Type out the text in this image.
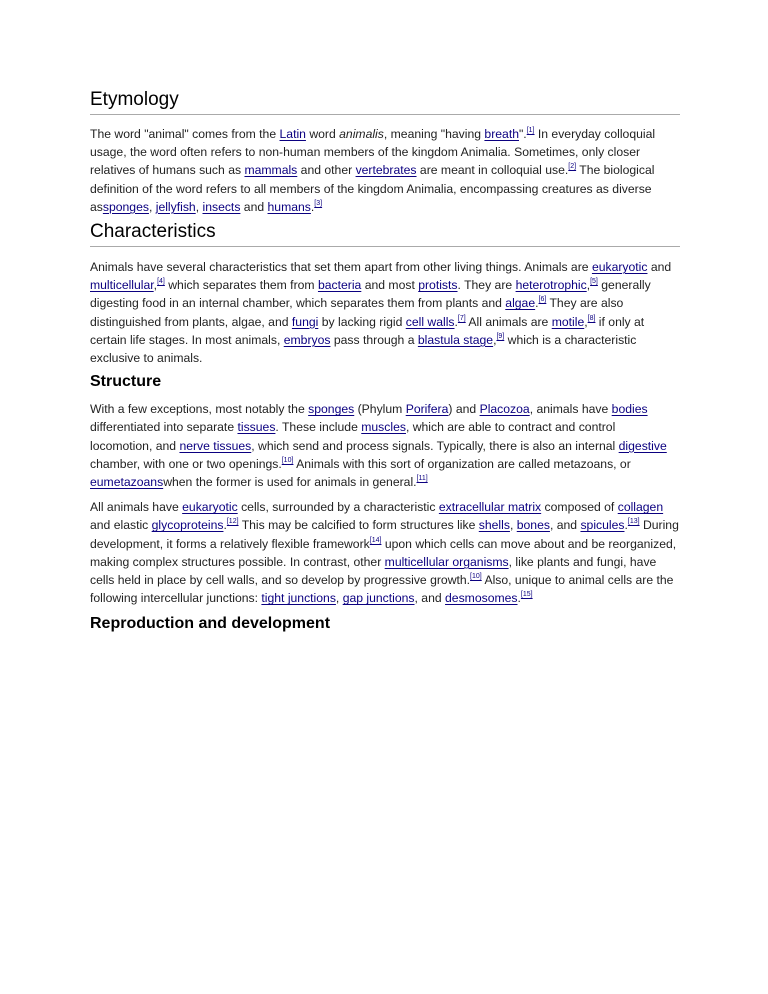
Etymology

The word "animal" comes from the Latin word animalis, meaning "having breath".[1] In everyday colloquial usage, the word often refers to non-human members of the kingdom Animalia. Sometimes, only closer relatives of humans such as mammals and other vertebrates are meant in colloquial use.[2] The biological definition of the word refers to all members of the kingdom Animalia, encompassing creatures as diverse assponges, jellyfish, insects and humans.[3]

Characteristics

Animals have several characteristics that set them apart from other living things. Animals are eukaryotic and multicellular,[4] which separates them from bacteria and most protists. They are heterotrophic,[5] generally digesting food in an internal chamber, which separates them from plants and algae.[6] They are also distinguished from plants, algae, and fungi by lacking rigid cell walls.[7] All animals are motile,[8] if only at certain life stages. In most animals, embryos pass through a blastula stage,[9] which is a characteristic exclusive to animals.

Structure

With a few exceptions, most notably the sponges (Phylum Porifera) and Placozoa, animals have bodies differentiated into separate tissues. These include muscles, which are able to contract and control locomotion, and nerve tissues, which send and process signals. Typically, there is also an internal digestive chamber, with one or two openings.[10] Animals with this sort of organization are called metazoans, or eumetazoanswhen the former is used for animals in general.[11]

All animals have eukaryotic cells, surrounded by a characteristic extracellular matrix composed of collagen and elastic glycoproteins.[12] This may be calcified to form structures like shells, bones, and spicules.[13] During development, it forms a relatively flexible framework[14] upon which cells can move about and be reorganized, making complex structures possible. In contrast, other multicellular organisms, like plants and fungi, have cells held in place by cell walls, and so develop by progressive growth.[10] Also, unique to animal cells are the following intercellular junctions: tight junctions, gap junctions, and desmosomes.[15]

Reproduction and development
